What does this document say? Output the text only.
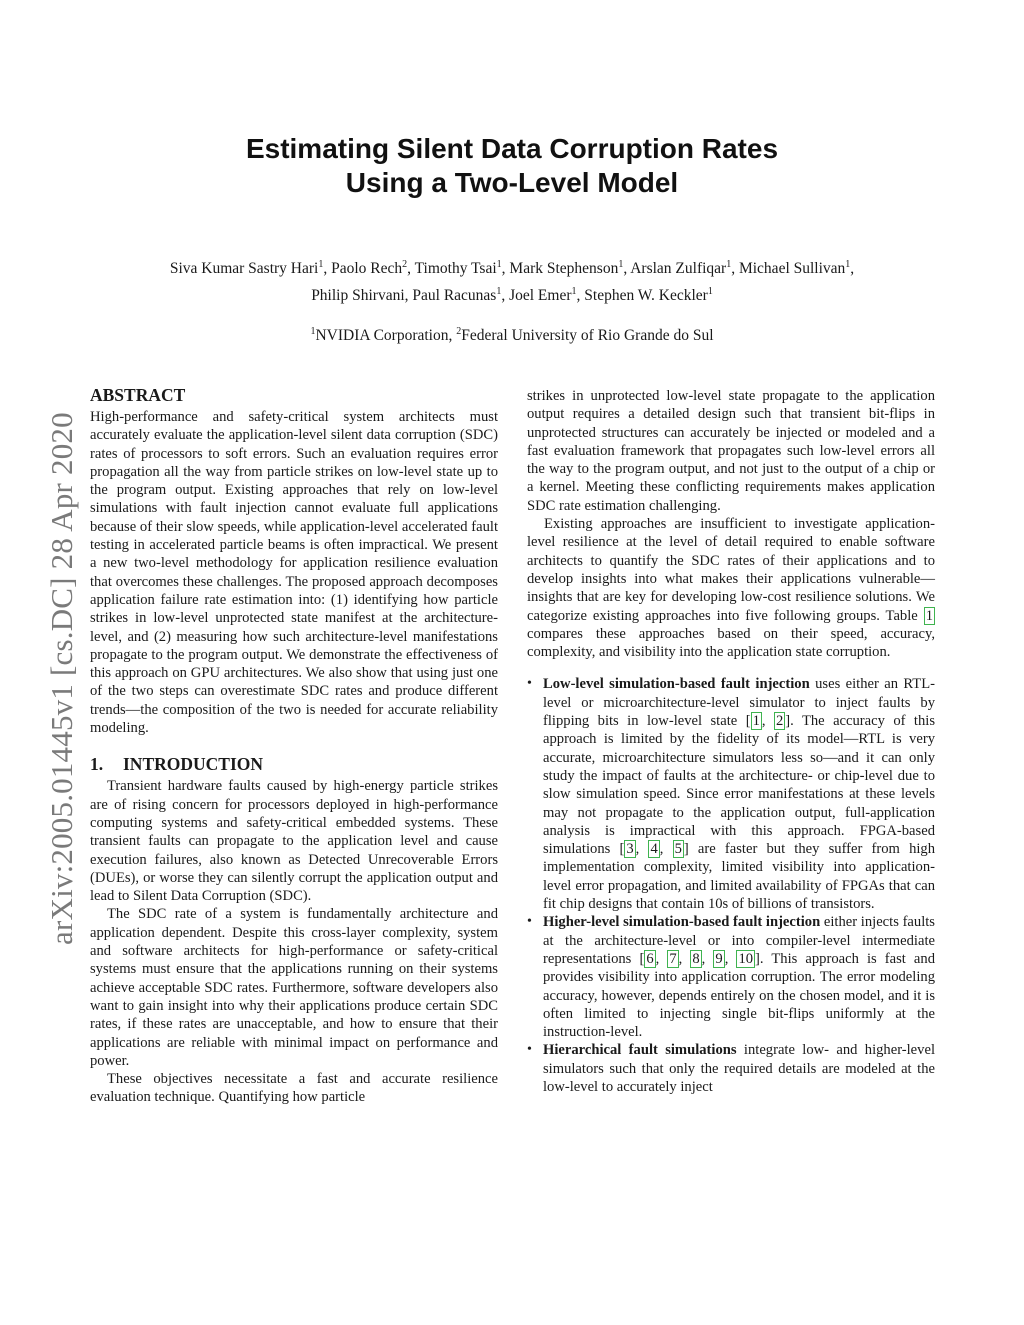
arXiv:2005.01445v1 [cs.DC] 28 Apr 2020
Estimating Silent Data Corruption Rates
Using a Two-Level Model
Siva Kumar Sastry Hari$^1$, Paolo Rech$^2$, Timothy Tsai$^1$, Mark Stephenson$^1$, Arslan Zulfiqar$^1$, Michael Sullivan$^1$,
Philip Shirvani, Paul Racunas$^1$, Joel Emer$^1$, Stephen W. Keckler$^1$
$^1$NVIDIA Corporation, $^2$Federal University of Rio Grande do Sul
ABSTRACT

High-performance and safety-critical system architects must accurately evaluate the application-level silent data corruption (SDC) rates of processors to soft errors. Such an evaluation requires error propagation all the way from particle strikes on low-level state up to the program output. Existing approaches that rely on low-level simulations with fault injection cannot evaluate full applications because of their slow speeds, while application-level accelerated fault testing in accelerated particle beams is often impractical. We present a new two-level methodology for application resilience evaluation that overcomes these challenges. The proposed approach decomposes application failure rate estimation into: (1) identifying how particle strikes in low-level unprotected state manifest at the architecture-level, and (2) measuring how such architecture-level manifestations propagate to the program output. We demonstrate the effectiveness of this approach on GPU architectures. We also show that using just one of the two steps can overestimate SDC rates and produce different trends—the composition of the two is needed for accurate reliability modeling.

1. INTRODUCTION

Transient hardware faults caused by high-energy particle strikes are of rising concern for processors deployed in high-performance computing systems and safety-critical embedded systems. These transient faults can propagate to the application level and cause execution failures, also known as Detected Unrecoverable Errors (DUEs), or worse they can silently corrupt the application output and lead to Silent Data Corruption (SDC).

The SDC rate of a system is fundamentally architecture and application dependent. Despite this cross-layer complexity, system and software architects for high-performance or safety-critical systems must ensure that the applications running on their systems achieve acceptable SDC rates. Furthermore, software developers also want to gain insight into why their applications produce certain SDC rates, if these rates are unacceptable, and how to ensure that their applications are reliable with minimal impact on performance and power.

These objectives necessitate a fast and accurate resilience evaluation technique. Quantifying how particle

strikes in unprotected low-level state propagate to the application output requires a detailed design such that transient bit-flips in unprotected structures can accurately be injected or modeled and a fast evaluation framework that propagates such low-level errors all the way to the program output, and not just to the output of a chip or a kernel. Meeting these conflicting requirements makes application SDC rate estimation challenging.

Existing approaches are insufficient to investigate application-level resilience at the level of detail required to enable software architects to quantify the SDC rates of their applications and to develop insights into what makes their applications vulnerable—insights that are key for developing low-cost resilience solutions. We categorize existing approaches into five following groups. Table 1 compares these approaches based on their speed, accuracy, complexity, and visibility into the application state corruption.

• Low-level simulation-based fault injection uses either an RTL-level or microarchitecture-level simulator to inject faults by flipping bits in low-level state [ 1 , 2 ]. The accuracy of this approach is limited by the fidelity of its model—RTL is very accurate, microarchitecture simulators less so—and it can only study the impact of faults at the architecture- or chip-level due to slow simulation speed. Since error manifestations at these levels may not propagate to the application output, full-application analysis is impractical with this approach. FPGA-based simulations [ 3 , 4 , 5 ] are faster but they suffer from high implementation complexity, limited visibility into application-level error propagation, and limited availability of FPGAs that can fit chip designs that contain 10s of billions of transistors.
• Higher-level simulation-based fault injection either injects faults at the architecture-level or into compiler-level intermediate representations [ 6 , 7 , 8 , 9 , 10 ]. This approach is fast and provides visibility into application corruption. The error modeling accuracy, however, depends entirely on the chosen model, and it is often limited to injecting single bit-flips uniformly at the instruction-level.
• Hierarchical fault simulations integrate low- and higher-level simulators such that only the required details are modeled at the low-level to accurately inject
